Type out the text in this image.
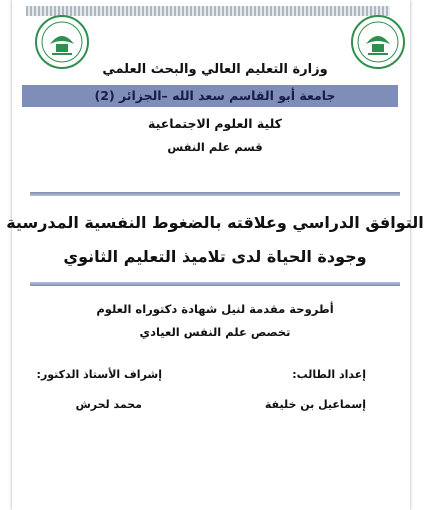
وزارة التعليم العالي والبحث العلمي
جامعة أبو القاسم سعد الله –الجزائر (2)
كلية العلوم الاجتماعية
قسم علم النفس
التوافق الدراسي وعلاقته بالضغوط النفسية المدرسية
وجودة الحياة لدى تلاميذ التعليم الثانوي
أطروحة مقدمة لنيل شهادة دكتوراه العلوم
تخصص علم النفس العيادي
إعداد الطالب:
إشراف الأستاذ الدكتور:
إسماعيل بن خليفة
محمد لحرش
